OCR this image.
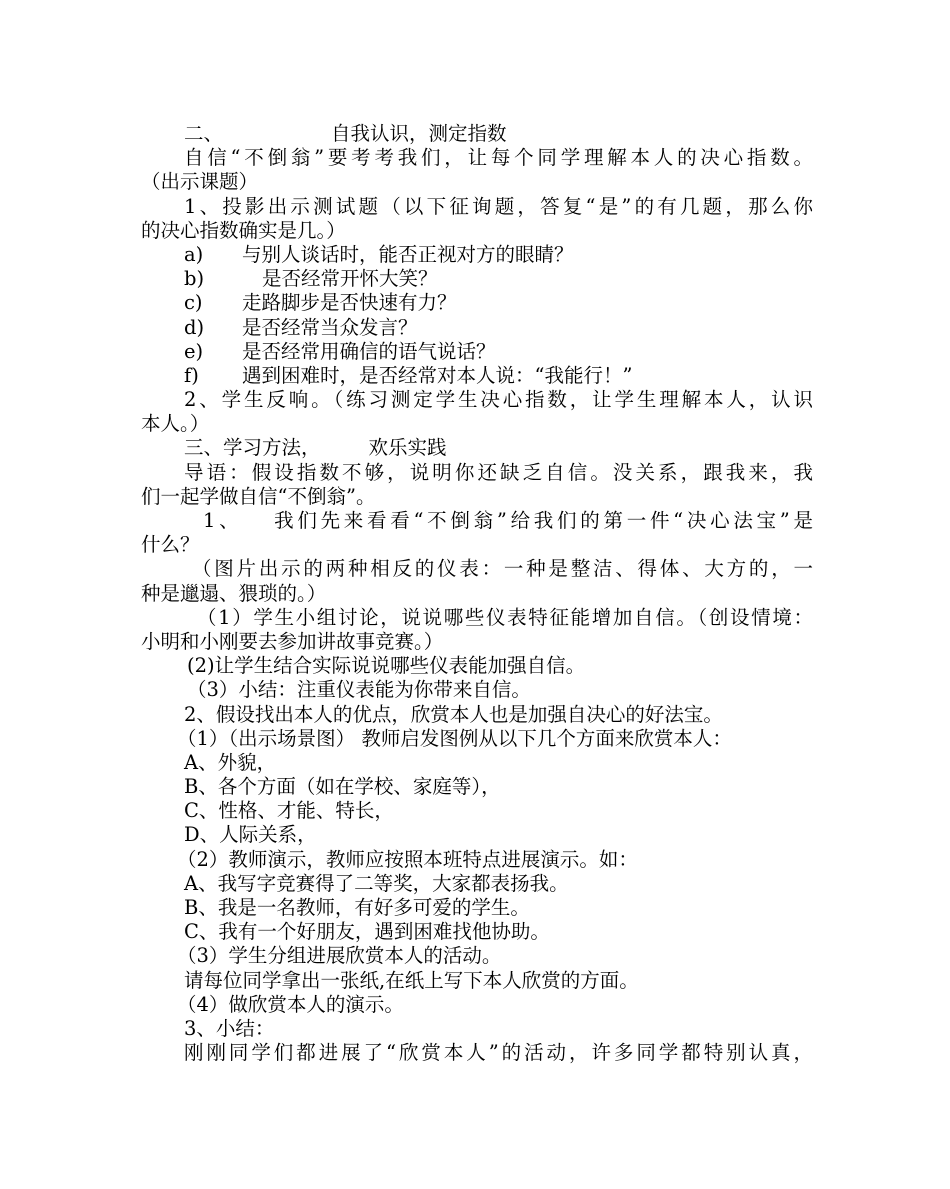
二、	自我认识，测定指数
自信“不倒翁”要考考我们，让每个同学理解本人的决心指数。
（出示课题）
1、投影出示测试题（以下征询题，答复“是”的有几题，那么你
的决心指数确实是几。）
a) 与别人谈话时，能否正视对方的眼睛？
b)	是否经常开怀大笑？
c) 走路脚步是否快速有力？
d) 是否经常当众发言？
e) 是否经常用确信的语气说话？
f) 遇到困难时，是否经常对本人说：“我能行！”
2、学生反响。（练习测定学生决心指数，让学生理解本人，认识
本人。）
三、学习方法， 欢乐实践
导语：假设指数不够，说明你还缺乏自信。没关系，跟我来，我
们一起学做自信“不倒翁”。
1、 我们先来看看“不倒翁”给我们的第一件“决心法宝”是
什么？
（图片出示的两种相反的仪表：一种是整洁、得体、大方的，一
种是邋遢、猥琐的。）
（1）学生小组讨论，说说哪些仪表特征能增加自信。（创设情境：
小明和小刚要去参加讲故事竞赛。）
(2)让学生结合实际说说哪些仪表能加强自信。
（3）小结：注重仪表能为你带来自信。
2、假设找出本人的优点，欣赏本人也是加强自决心的好法宝。
（1）（出示场景图） 教师启发图例从以下几个方面来欣赏本人：
A、外貌，
B、各个方面（如在学校、家庭等），
C、性格、才能、特长，
D、人际关系，
（2）教师演示，教师应按照本班特点进展演示。如：
A、我写字竞赛得了二等奖，大家都表扬我。
B、我是一名教师，有好多可爱的学生。
C、我有一个好朋友，遇到困难找他协助。
（3）学生分组进展欣赏本人的活动。
请每位同学拿出一张纸,在纸上写下本人欣赏的方面。
（4）做欣赏本人的演示。
3、小结：
刚刚同学们都进展了“欣赏本人”的活动，许多同学都特别认真，
